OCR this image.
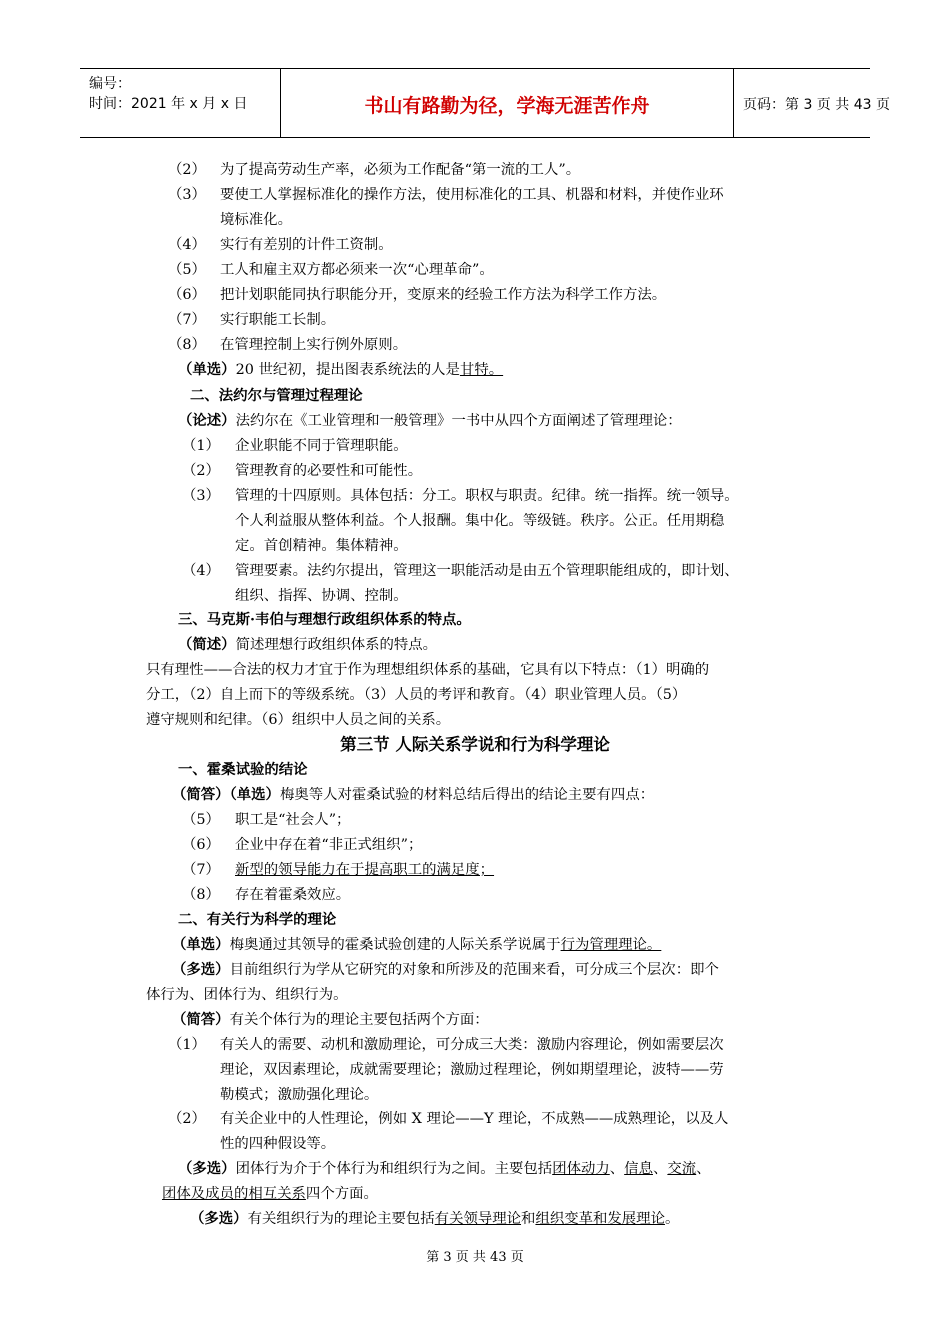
编号：
时间：2021 年 x 月 x 日	书山有路勤为径，学海无涯苦作舟	页码：第 3 页 共 43 页
（2） 为了提高劳动生产率，必须为工作配备“第一流的工人”。
（3） 要使工人掌握标准化的操作方法，使用标准化的工具、机器和材料，并使作业环
境标准化。
（4） 实行有差别的计件工资制。
（5） 工人和雇主双方都必须来一次“心理革命”。
（6） 把计划职能同执行职能分开，变原来的经验工作方法为科学工作方法。
（7） 实行职能工长制。
（8） 在管理控制上实行例外原则。
（单选）20 世纪初，提出图表系统法的人是甘特。
二、法约尔与管理过程理论
（论述）法约尔在《工业管理和一般管理》一书中从四个方面阐述了管理理论：
（1） 企业职能不同于管理职能。
（2） 管理教育的必要性和可能性。
（3） 管理的十四原则。具体包括：分工。职权与职责。纪律。统一指挥。统一领导。
个人利益服从整体利益。个人报酬。集中化。等级链。秩序。公正。任用期稳
定。首创精神。集体精神。
（4） 管理要素。法约尔提出，管理这一职能活动是由五个管理职能组成的，即计划、
组织、指挥、协调、控制。
三、马克斯·韦伯与理想行政组织体系的特点。
（简述）简述理想行政组织体系的特点。
只有理性——合法的权力才宜于作为理想组织体系的基础，它具有以下特点：（1）明确的
分工，（2）自上而下的等级系统。（3）人员的考评和教育。（4）职业管理人员。（5）
遵守规则和纪律。（6）组织中人员之间的关系。
第三节 人际关系学说和行为科学理论
一、霍桑试验的结论
（简答）（单选）梅奥等人对霍桑试验的材料总结后得出的结论主要有四点：
（5） 职工是“社会人”；
（6） 企业中存在着“非正式组织”；
（7） 新型的领导能力在于提高职工的满足度；
（8） 存在着霍桑效应。
二、有关行为科学的理论
（单选）梅奥通过其领导的霍桑试验创建的人际关系学说属于行为管理理论。
（多选）目前组织行为学从它研究的对象和所涉及的范围来看，可分成三个层次：即个
体行为、团体行为、组织行为。
（简答）有关个体行为的理论主要包括两个方面：
（1） 有关人的需要、动机和激励理论，可分成三大类：激励内容理论，例如需要层次
理论，双因素理论，成就需要理论；激励过程理论，例如期望理论，波特——劳
勒模式；激励强化理论。
（2） 有关企业中的人性理论，例如 X 理论——Y 理论，不成熟——成熟理论，以及人
性的四种假设等。
（多选）团体行为介于个体行为和组织行为之间。主要包括团体动力、信息、交流、
团体及成员的相互关系四个方面。
（多选）有关组织行为的理论主要包括有关领导理论和组织变革和发展理论。
第 3 页 共 43 页
